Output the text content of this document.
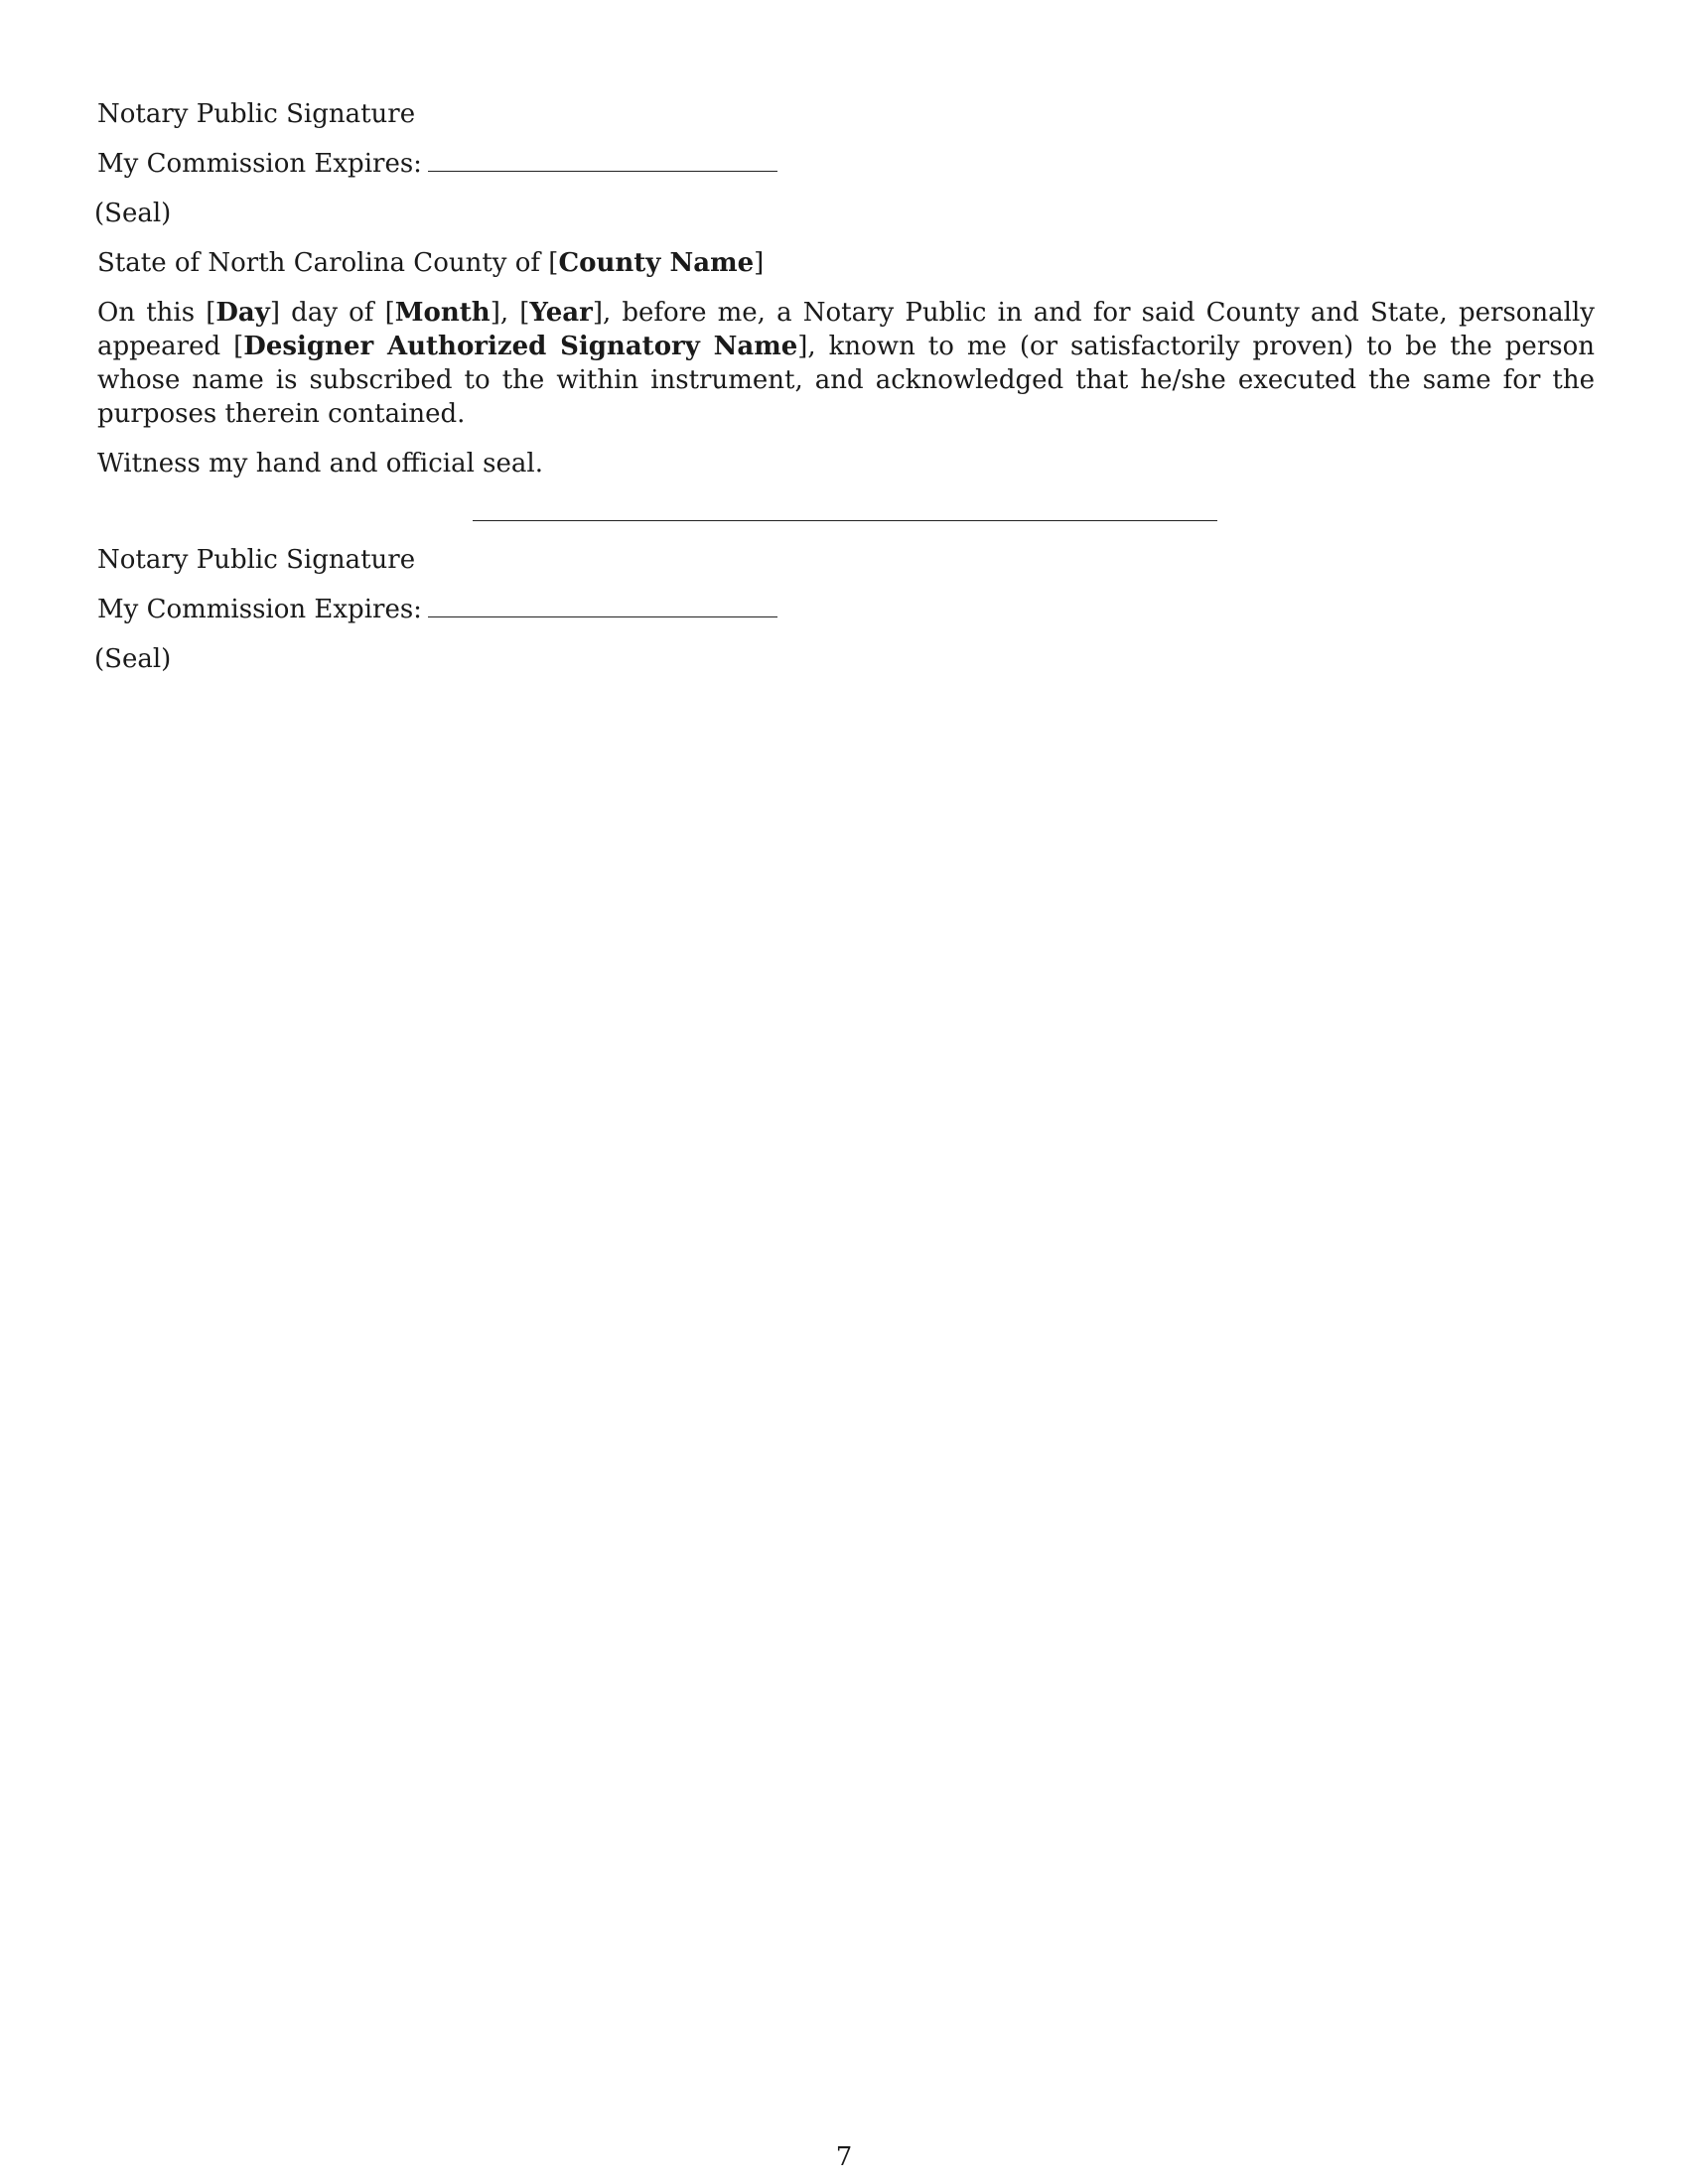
Notary Public Signature

My Commission Expires:

(Seal)

State of North Carolina County of [County Name]

On this [Day] day of [Month], [Year], before me, a Notary Public in and for said County and State, personally appeared [Designer Authorized Signatory Name], known to me (or satisfactorily proven) to be the person whose name is subscribed to the within instrument, and acknowledged that he/she executed the same for the purposes therein contained.

Witness my hand and official seal.

Notary Public Signature

My Commission Expires:

(Seal)

7
